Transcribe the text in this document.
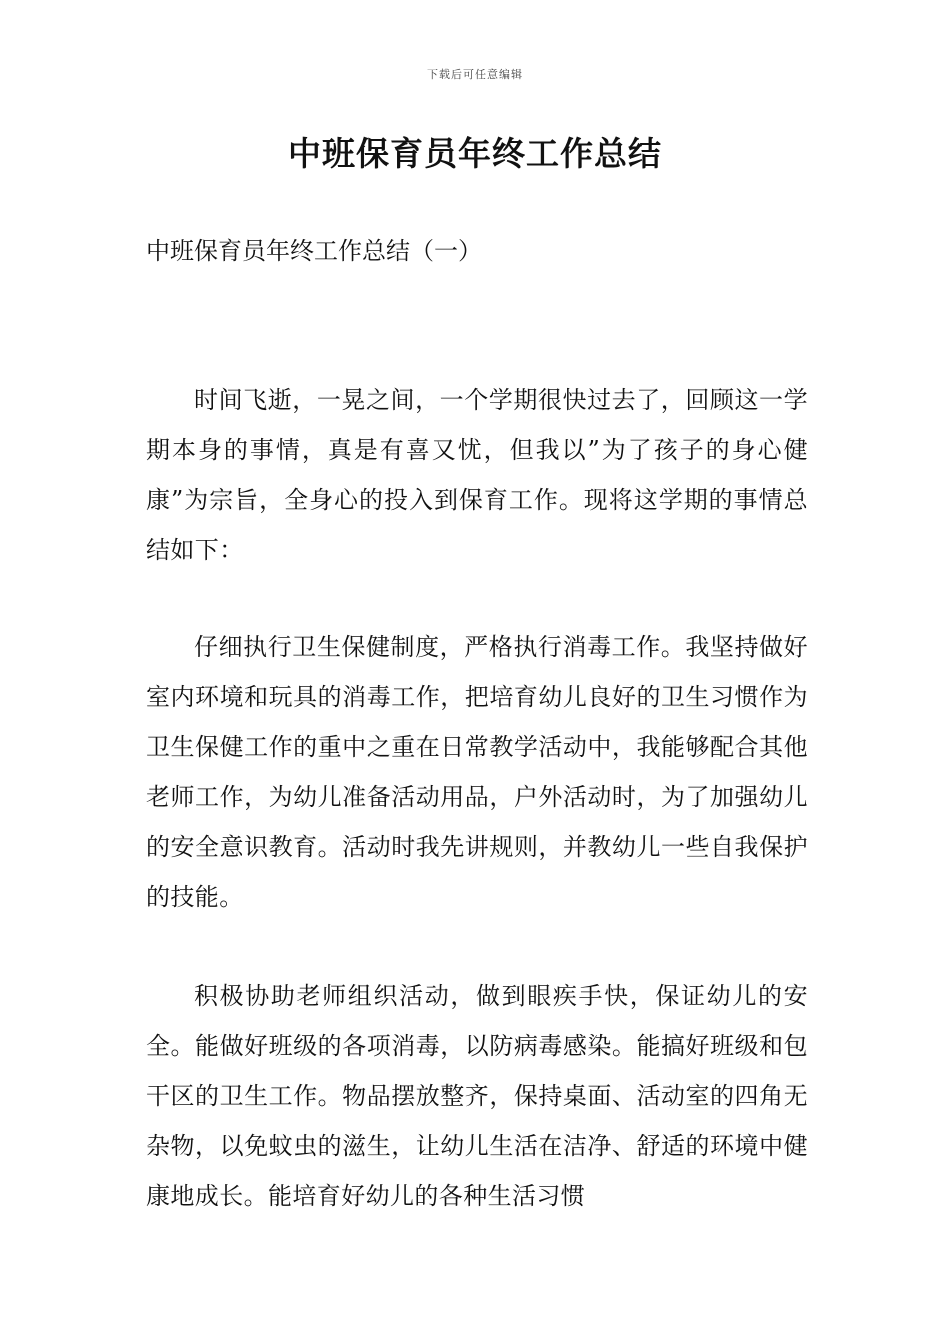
下载后可任意编辑
中班保育员年终工作总结

中班保育员年终工作总结（一）

时间飞逝，一晃之间，一个学期很快过去了，回顾这一学期本身的事情，真是有喜又忧，但我以”为了孩子的身心健康”为宗旨，全身心的投入到保育工作。现将这学期的事情总结如下：

仔细执行卫生保健制度，严格执行消毒工作。我坚持做好室内环境和玩具的消毒工作，把培育幼儿良好的卫生习惯作为卫生保健工作的重中之重在日常教学活动中，我能够配合其他老师工作，为幼儿准备活动用品，户外活动时，为了加强幼儿的安全意识教育。活动时我先讲规则，并教幼儿一些自我保护的技能。

积极协助老师组织活动，做到眼疾手快，保证幼儿的安全。能做好班级的各项消毒，以防病毒感染。能搞好班级和包干区的卫生工作。物品摆放整齐，保持桌面、活动室的四角无杂物，以免蚊虫的滋生，让幼儿生活在洁净、舒适的环境中健康地成长。能培育好幼儿的各种生活习惯
